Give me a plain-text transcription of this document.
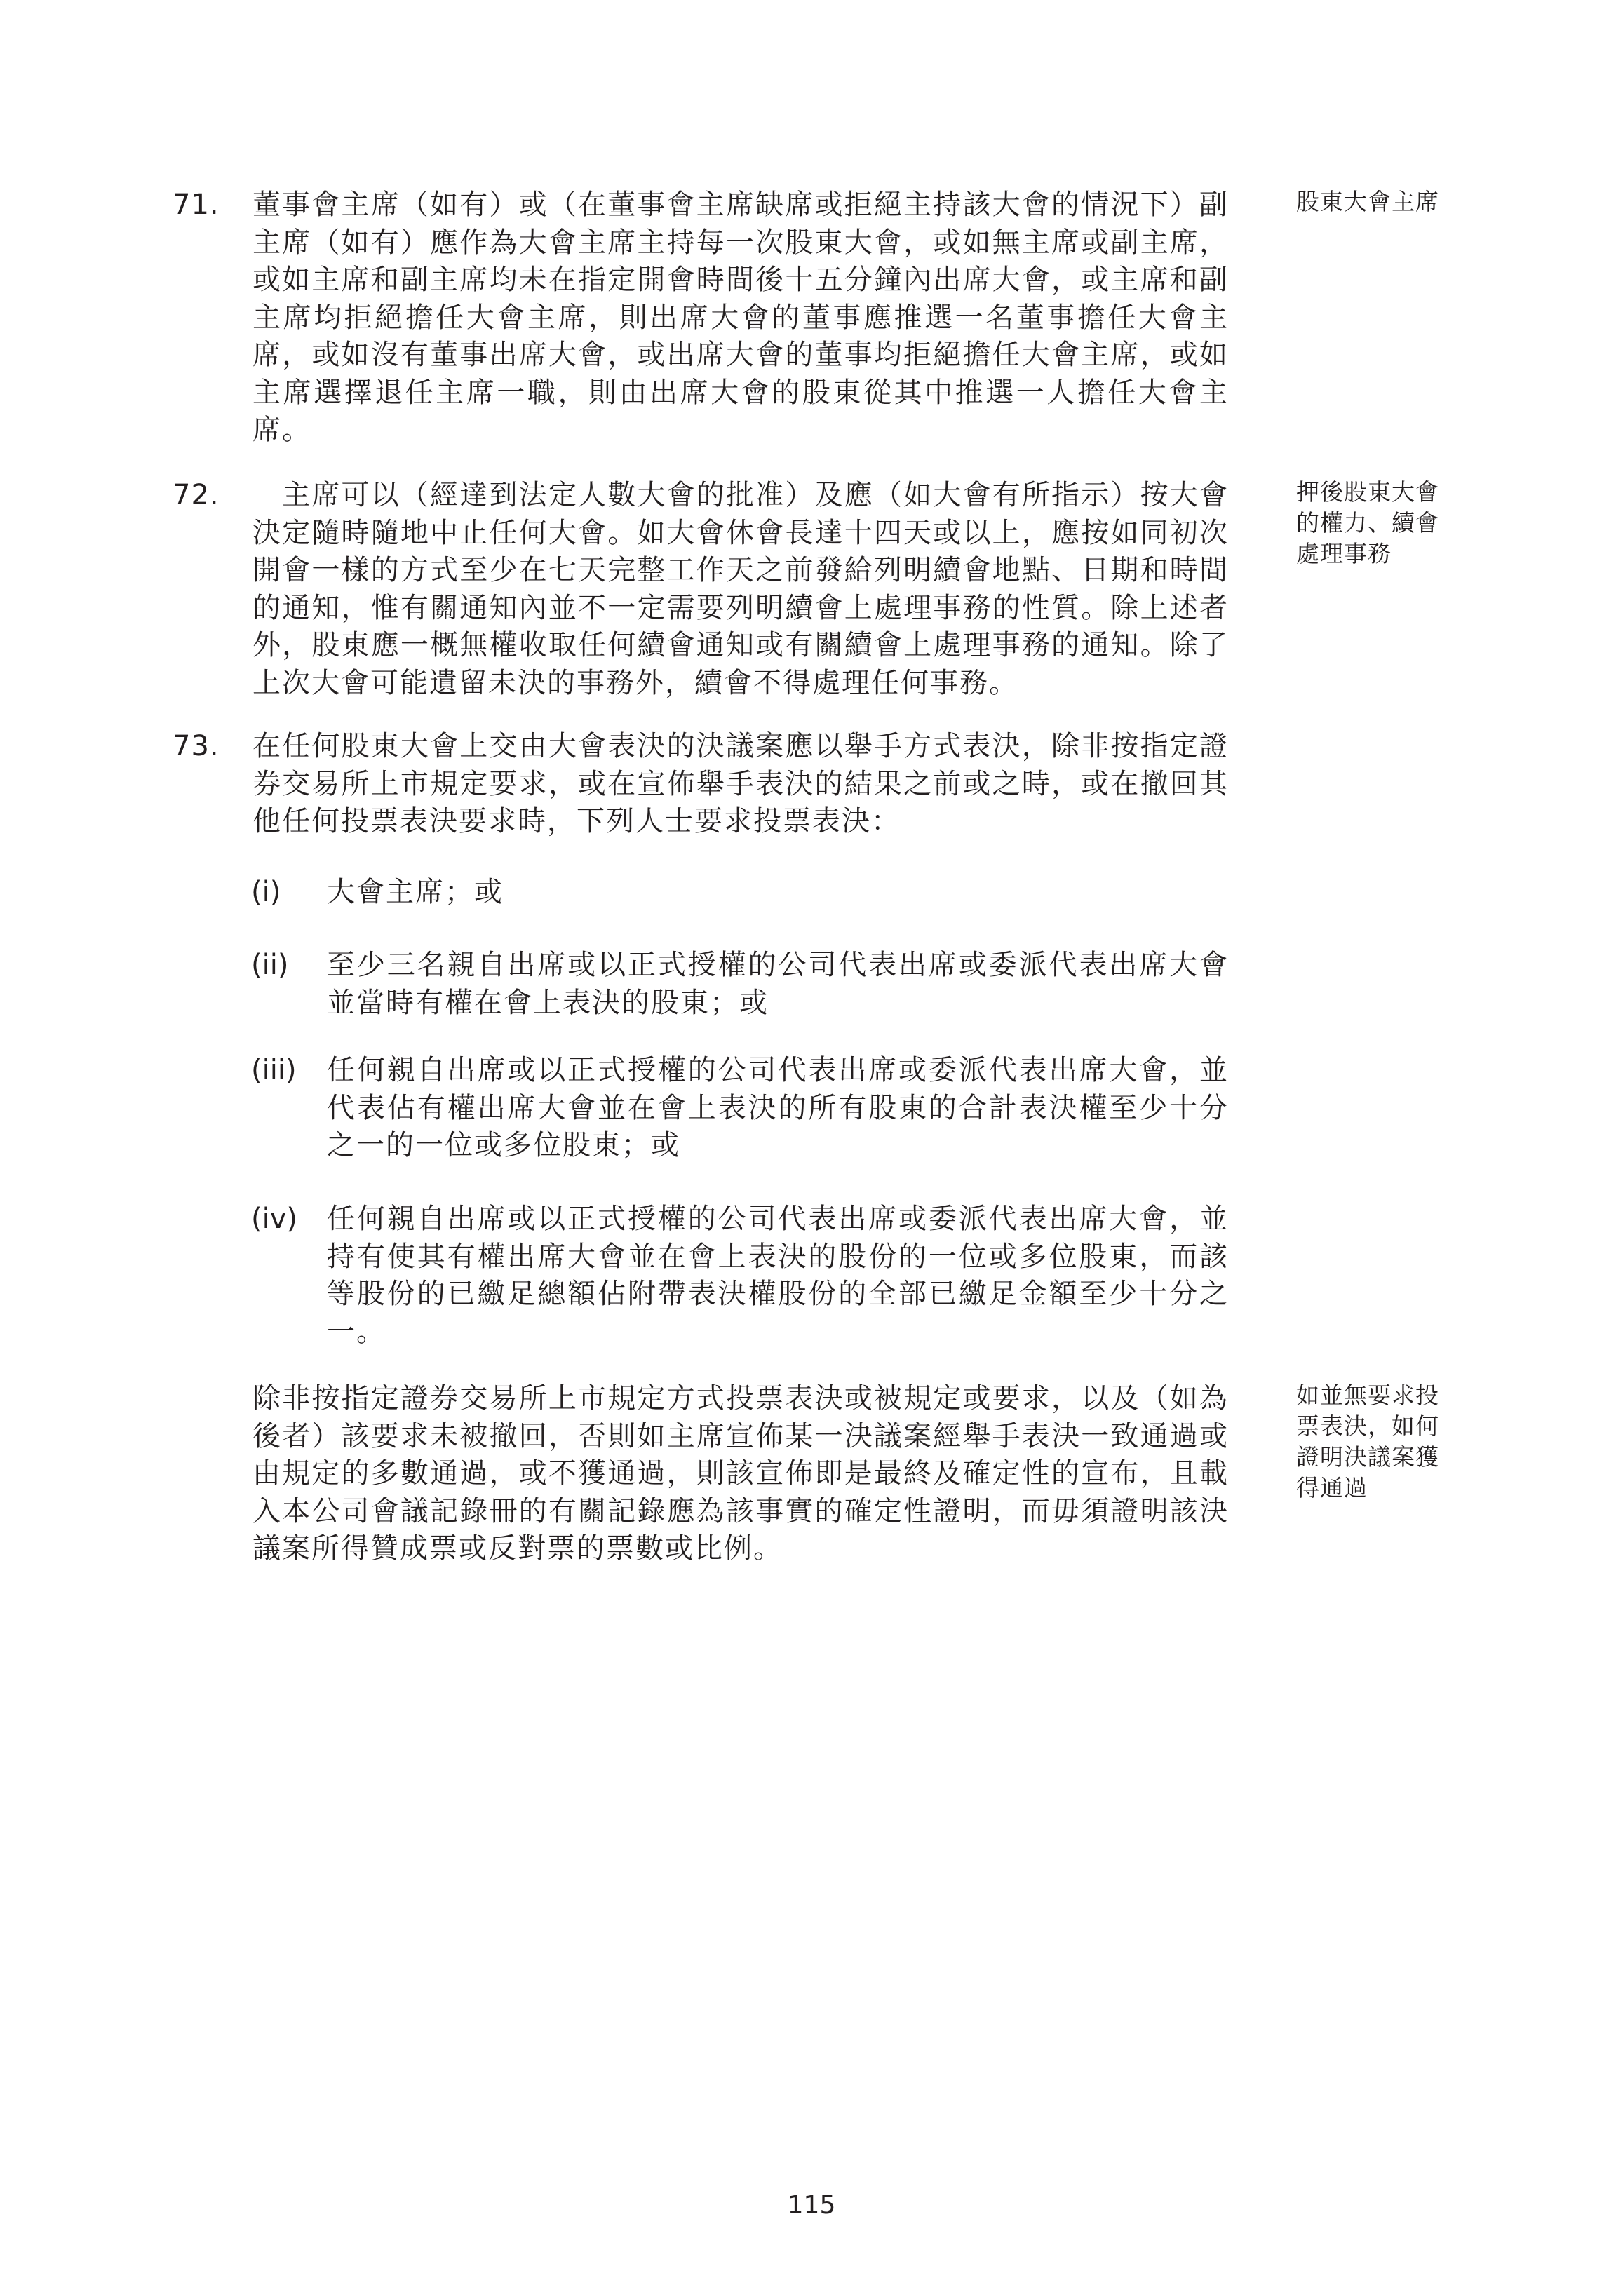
71. 董事會主席（如有）或（在董事會主席缺席或拒絕主持該大會的情況下）副主席（如有）應作為大會主席主持每一次股東大會，或如無主席或副主席，或如主席和副主席均未在指定開會時間後十五分鐘內出席大會，或主席和副主席均拒絕擔任大會主席，則出席大會的董事應推選一名董事擔任大會主席，或如沒有董事出席大會，或出席大會的董事均拒絕擔任大會主席，或如主席選擇退任主席一職，則由出席大會的股東從其中推選一人擔任大會主席。
股東大會主席
72. 　主席可以（經達到法定人數大會的批准）及應（如大會有所指示）按大會決定隨時隨地中止任何大會。如大會休會長達十四天或以上，應按如同初次開會一樣的方式至少在七天完整工作天之前發給列明續會地點、日期和時間的通知，惟有關通知內並不一定需要列明續會上處理事務的性質。除上述者外，股東應一概無權收取任何續會通知或有關續會上處理事務的通知。除了上次大會可能遺留未決的事務外，續會不得處理任何事務。
押後股東大會的權力、續會處理事務
73. 在任何股東大會上交由大會表決的決議案應以舉手方式表決，除非按指定證券交易所上市規定要求，或在宣佈舉手表決的結果之前或之時，或在撤回其他任何投票表決要求時，下列人士要求投票表決：
(i) 大會主席；或
(ii) 至少三名親自出席或以正式授權的公司代表出席或委派代表出席大會並當時有權在會上表決的股東；或
(iii) 任何親自出席或以正式授權的公司代表出席或委派代表出席大會，並代表佔有權出席大會並在會上表決的所有股東的合計表決權至少十分之一的一位或多位股東；或
(iv) 任何親自出席或以正式授權的公司代表出席或委派代表出席大會，並持有使其有權出席大會並在會上表決的股份的一位或多位股東，而該等股份的已繳足總額佔附帶表決權股份的全部已繳足金額至少十分之一。
除非按指定證券交易所上市規定方式投票表決或被規定或要求，以及（如為後者）該要求未被撤回，否則如主席宣佈某一決議案經舉手表決一致通過或由規定的多數通過，或不獲通過，則該宣佈即是最終及確定性的宣布，且載入本公司會議記錄冊的有關記錄應為該事實的確定性證明，而毋須證明該決議案所得贊成票或反對票的票數或比例。
如並無要求投票表決，如何證明決議案獲得通過
115
